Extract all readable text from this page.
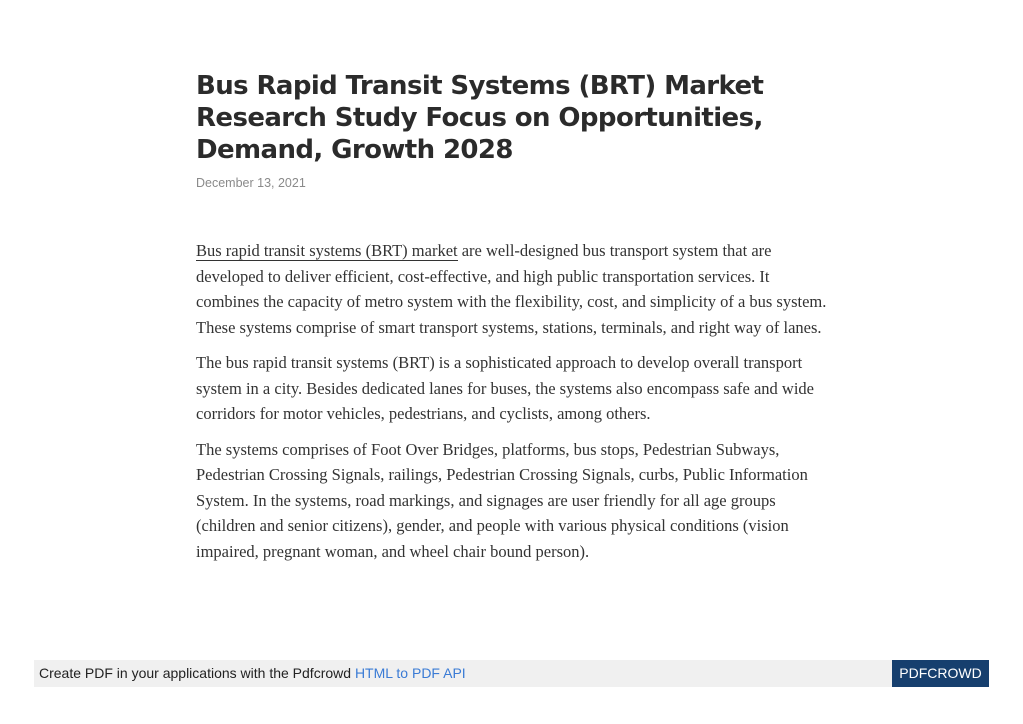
Bus Rapid Transit Systems (BRT) Market Research Study Focus on Opportunities, Demand, Growth 2028
December 13, 2021

Bus rapid transit systems (BRT) market are well-designed bus transport system that are developed to deliver efficient, cost-effective, and high public transportation services. It combines the capacity of metro system with the flexibility, cost, and simplicity of a bus system. These systems comprise of smart transport systems, stations, terminals, and right way of lanes.

The bus rapid transit systems (BRT) is a sophisticated approach to develop overall transport system in a city. Besides dedicated lanes for buses, the systems also encompass safe and wide corridors for motor vehicles, pedestrians, and cyclists, among others.

The systems comprises of Foot Over Bridges, platforms, bus stops, Pedestrian Subways, Pedestrian Crossing Signals, railings, Pedestrian Crossing Signals, curbs, Public Information System. In the systems, road markings, and signages are user friendly for all age groups (children and senior citizens), gender, and people with various physical conditions (vision impaired, pregnant woman, and wheel chair bound person).

Create PDF in your applications with the Pdfcrowd HTML to PDF API	PDFCROWD
